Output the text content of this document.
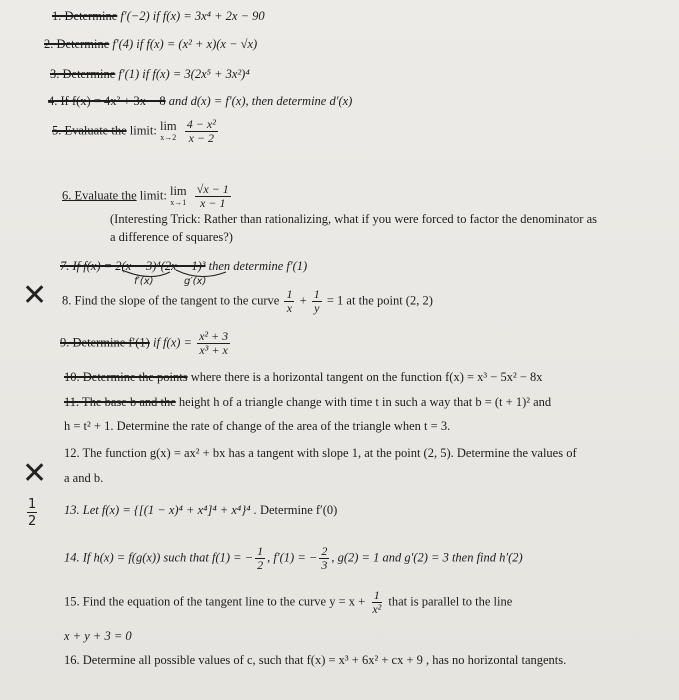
1. Determine f′(−2) if f(x) = 3x⁴ + 2x − 90
2. Determine f′(4) if f(x) = (x² + x)(x − √x)
3. Determine f′(1) if f(x) = 3(2x⁵ + 3x²)⁴
4. If f(x) = 4x² + 3x − 8 and d(x) = f′(x), then determine d′(x)
5. Evaluate the limit: lim
x→2
$\frac{\text{4 − x²}}{x - 2}$
6. Evaluate the limit: lim
x→1
$\frac{√x - 1}{x - 1}$
(Interesting Trick: Rather than rationalizing, what if you were forced to factor the denominator as
a difference of squares?)
7. If f(x) = 2(x − 3)⁴(2x − 1)³ then determine f′(1)
f′(x)	g′(x)
8. Find the slope of the tangent to the curve $\frac{1}{x} + \frac{1}{y} = 1$ at the point (2, 2)
9. Determine f′(1) if $f(x) = \frac{\text{x² + 3}}{\text{x³ + x}}$
10. Determine the points where there is a horizontal tangent on the function f(x) = x³ − 5x² − 8x
11. The base b and the height h of a triangle change with time t in such a way that b = (t + 1)² and
h = t² + 1. Determine the rate of change of the area of the triangle when t = 3.
12. The function g(x) = ax² + bx has a tangent with slope 1, at the point (2, 5). Determine the values of
a and b.
13. Let f(x) = {[(1 − x)⁴ + x⁴]⁴ + x⁴}⁴ . Determine f′(0)
14. If h(x) = f(g(x)) such that f(1) = − $\frac{1}{2}$ , f′(1) = − $\frac{2}{3}$ , g(2) = 1 and g′(2) = 3 then find h′(2)
15. Find the equation of the tangent line to the curve $y = x + \frac{1}{\text{x²}}$ that is parallel to the line
x + y + 3 = 0
16. Determine all possible values of c, such that f(x) = x³ + 6x² + cx + 9 , has no horizontal tangents.
✕
✕
1
2
